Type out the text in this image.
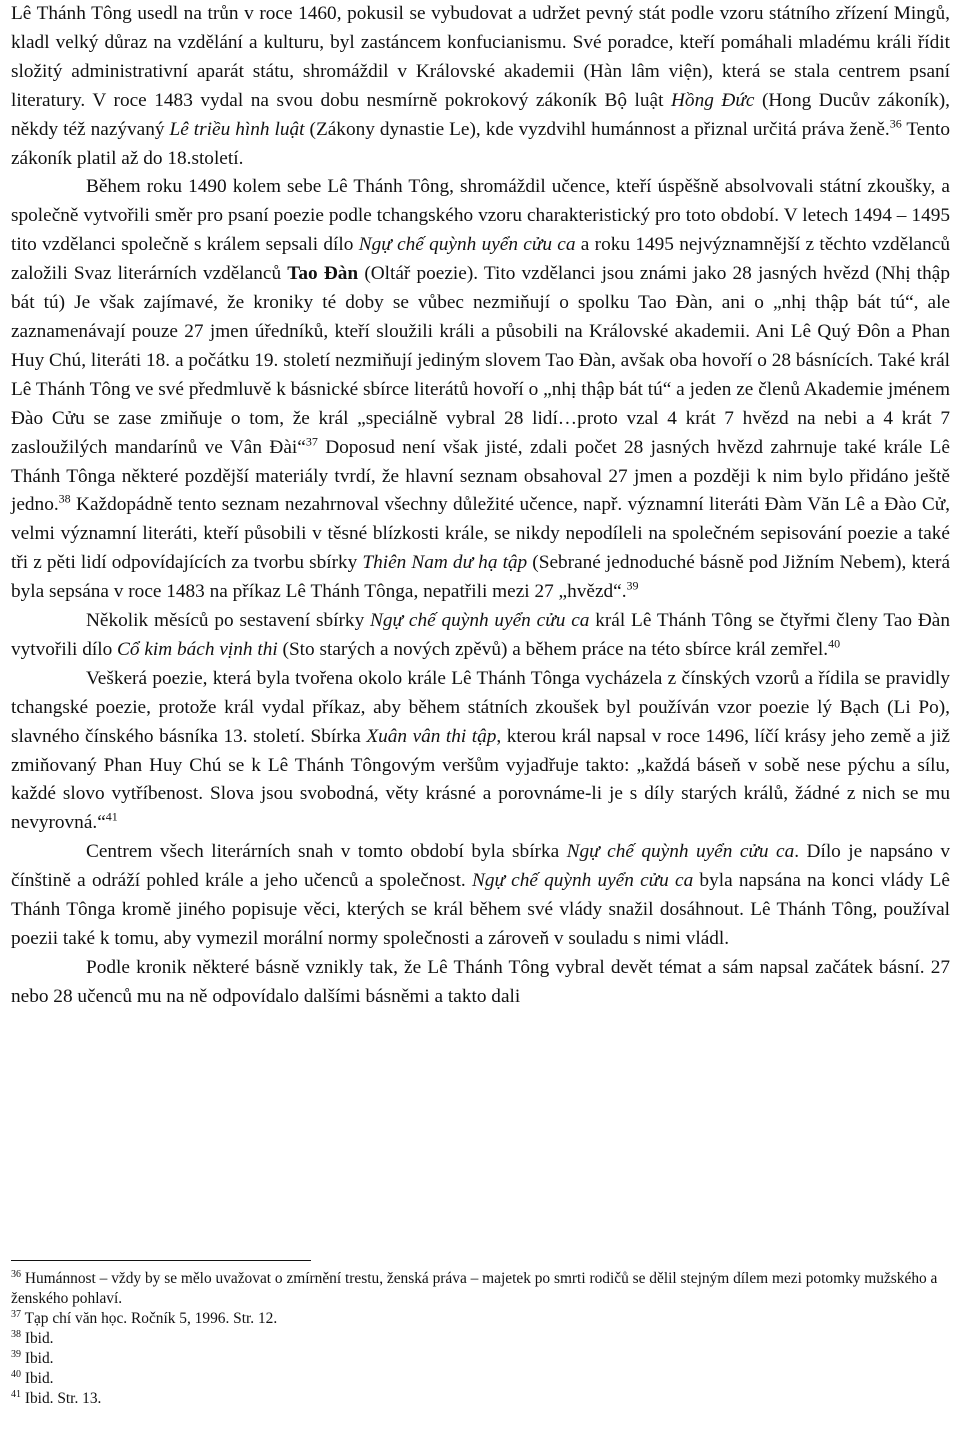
Lê Thánh Tông usedl na trůn v roce 1460, pokusil se vybudovat a udržet pevný stát podle vzoru státního zřízení Mingů, kladl velký důraz na vzdělání a kulturu, byl zastáncem konfucianismu. Své poradce, kteří pomáhali mladému králi řídit složitý administrativní aparát státu, shromáždil v Královské akademii (Hàn lâm viện), která se stala centrem psaní literatury. V roce 1483 vydal na svou dobu nesmírně pokrokový zákoník Bộ luật Hồng Đức (Hong Ducův zákoník), někdy též nazývaný Lê triều hình luật (Zákony dynastie Le), kde vyzdvihl humánnost a přiznal určitá práva ženě.$^{36}$ Tento zákoník platil až do 18.století.

Během roku 1490 kolem sebe Lê Thánh Tông, shromáždil učence, kteří úspěšně absolvovali státní zkoušky, a společně vytvořili směr pro psaní poezie podle tchangského vzoru charakteristický pro toto období. V letech 1494 – 1495 tito vzdělanci společně s králem sepsali dílo Ngự chế quỳnh uyển cửu ca a roku 1495 nejvýznamnější z těchto vzdělanců založili Svaz literárních vzdělanců Tao Đàn (Oltář poezie). Tito vzdělanci jsou známi jako 28 jasných hvězd (Nhị thập bát tú) Je však zajímavé, že kroniky té doby se vůbec nezmiňují o spolku Tao Đàn, ani o „nhị thập bát tú“, ale zaznamenávají pouze 27 jmen úředníků, kteří sloužili králi a působili na Královské akademii. Ani Lê Quý Đôn a Phan Huy Chú, literáti 18. a počátku 19. století nezmiňují jediným slovem Tao Đàn, avšak oba hovoří o 28 básnících. Také král Lê Thánh Tông ve své předmluvě k básnické sbírce literátů hovoří o „nhị thập bát tú“ a jeden ze členů Akademie jménem Đào Cửu se zase zmiňuje o tom, že král „speciálně vybral 28 lidí…proto vzal 4 krát 7 hvězd na nebi a 4 krát 7 zasloužilých mandarínů ve Vân Đài“$^{37}$ Doposud není však jisté, zdali počet 28 jasných hvězd zahrnuje také krále Lê Thánh Tônga některé pozdější materiály tvrdí, že hlavní seznam obsahoval 27 jmen a později k nim bylo přidáno ještě jedno.$^{38}$ Každopádně tento seznam nezahrnoval všechny důležité učence, např. významní literáti Đàm Văn Lê a Đào Cử, velmi významní literáti, kteří působili v těsné blízkosti krále, se nikdy nepodíleli na společném sepisování poezie a také tři z pěti lidí odpovídajících za tvorbu sbírky Thiên Nam dư hạ tập (Sebrané jednoduché básně pod Jižním Nebem), která byla sepsána v roce 1483 na příkaz Lê Thánh Tônga, nepatřili mezi 27 „hvězd“.$^{39}$

Několik měsíců po sestavení sbírky Ngự chế quỳnh uyển cửu ca král Lê Thánh Tông se čtyřmi členy Tao Đàn vytvořili dílo Cổ kim bách vịnh thi (Sto starých a nových zpěvů) a během práce na této sbírce král zemřel.$^{40}$

Veškerá poezie, která byla tvořena okolo krále Lê Thánh Tônga vycházela z čínských vzorů a řídila se pravidly tchangské poezie, protože král vydal příkaz, aby během státních zkoušek byl používán vzor poezie lý Bạch (Li Po), slavného čínského básníka 13. století. Sbírka Xuân vân thi tập, kterou král napsal v roce 1496, líčí krásy jeho země a již zmiňovaný Phan Huy Chú se k Lê Thánh Tôngovým veršům vyjadřuje takto: „každá báseň v sobě nese pýchu a sílu, každé slovo vytříbenost. Slova jsou svobodná, věty krásné a porovnáme-li je s díly starých králů, žádné z nich se mu nevyrovná.“$^{41}$

Centrem všech literárních snah v tomto období byla sbírka Ngự chế quỳnh uyển cửu ca. Dílo je napsáno v čínštině a odráží pohled krále a jeho učenců a společnost. Ngự chế quỳnh uyển cửu ca byla napsána na konci vlády Lê Thánh Tônga kromě jiného popisuje věci, kterých se král během své vlády snažil dosáhnout. Lê Thánh Tông, používal poezii také k tomu, aby vymezil morální normy společnosti a zároveň v souladu s nimi vládl.

Podle kronik některé básně vznikly tak, že Lê Thánh Tông vybral devět témat a sám napsal začátek básní. 27 nebo 28 učenců mu na ně odpovídalo dalšími básněmi a takto dali

$^{36}$ Humánnost – vždy by se mělo uvažovat o zmírnění trestu, ženská práva – majetek po smrti rodičů se dělil stejným dílem mezi potomky mužského a ženského pohlaví.

$^{37}$ Tạp chí văn học. Ročník 5, 1996. Str. 12.

$^{38}$ Ibid.

$^{39}$ Ibid.

$^{40}$ Ibid.

$^{41}$ Ibid. Str. 13.
